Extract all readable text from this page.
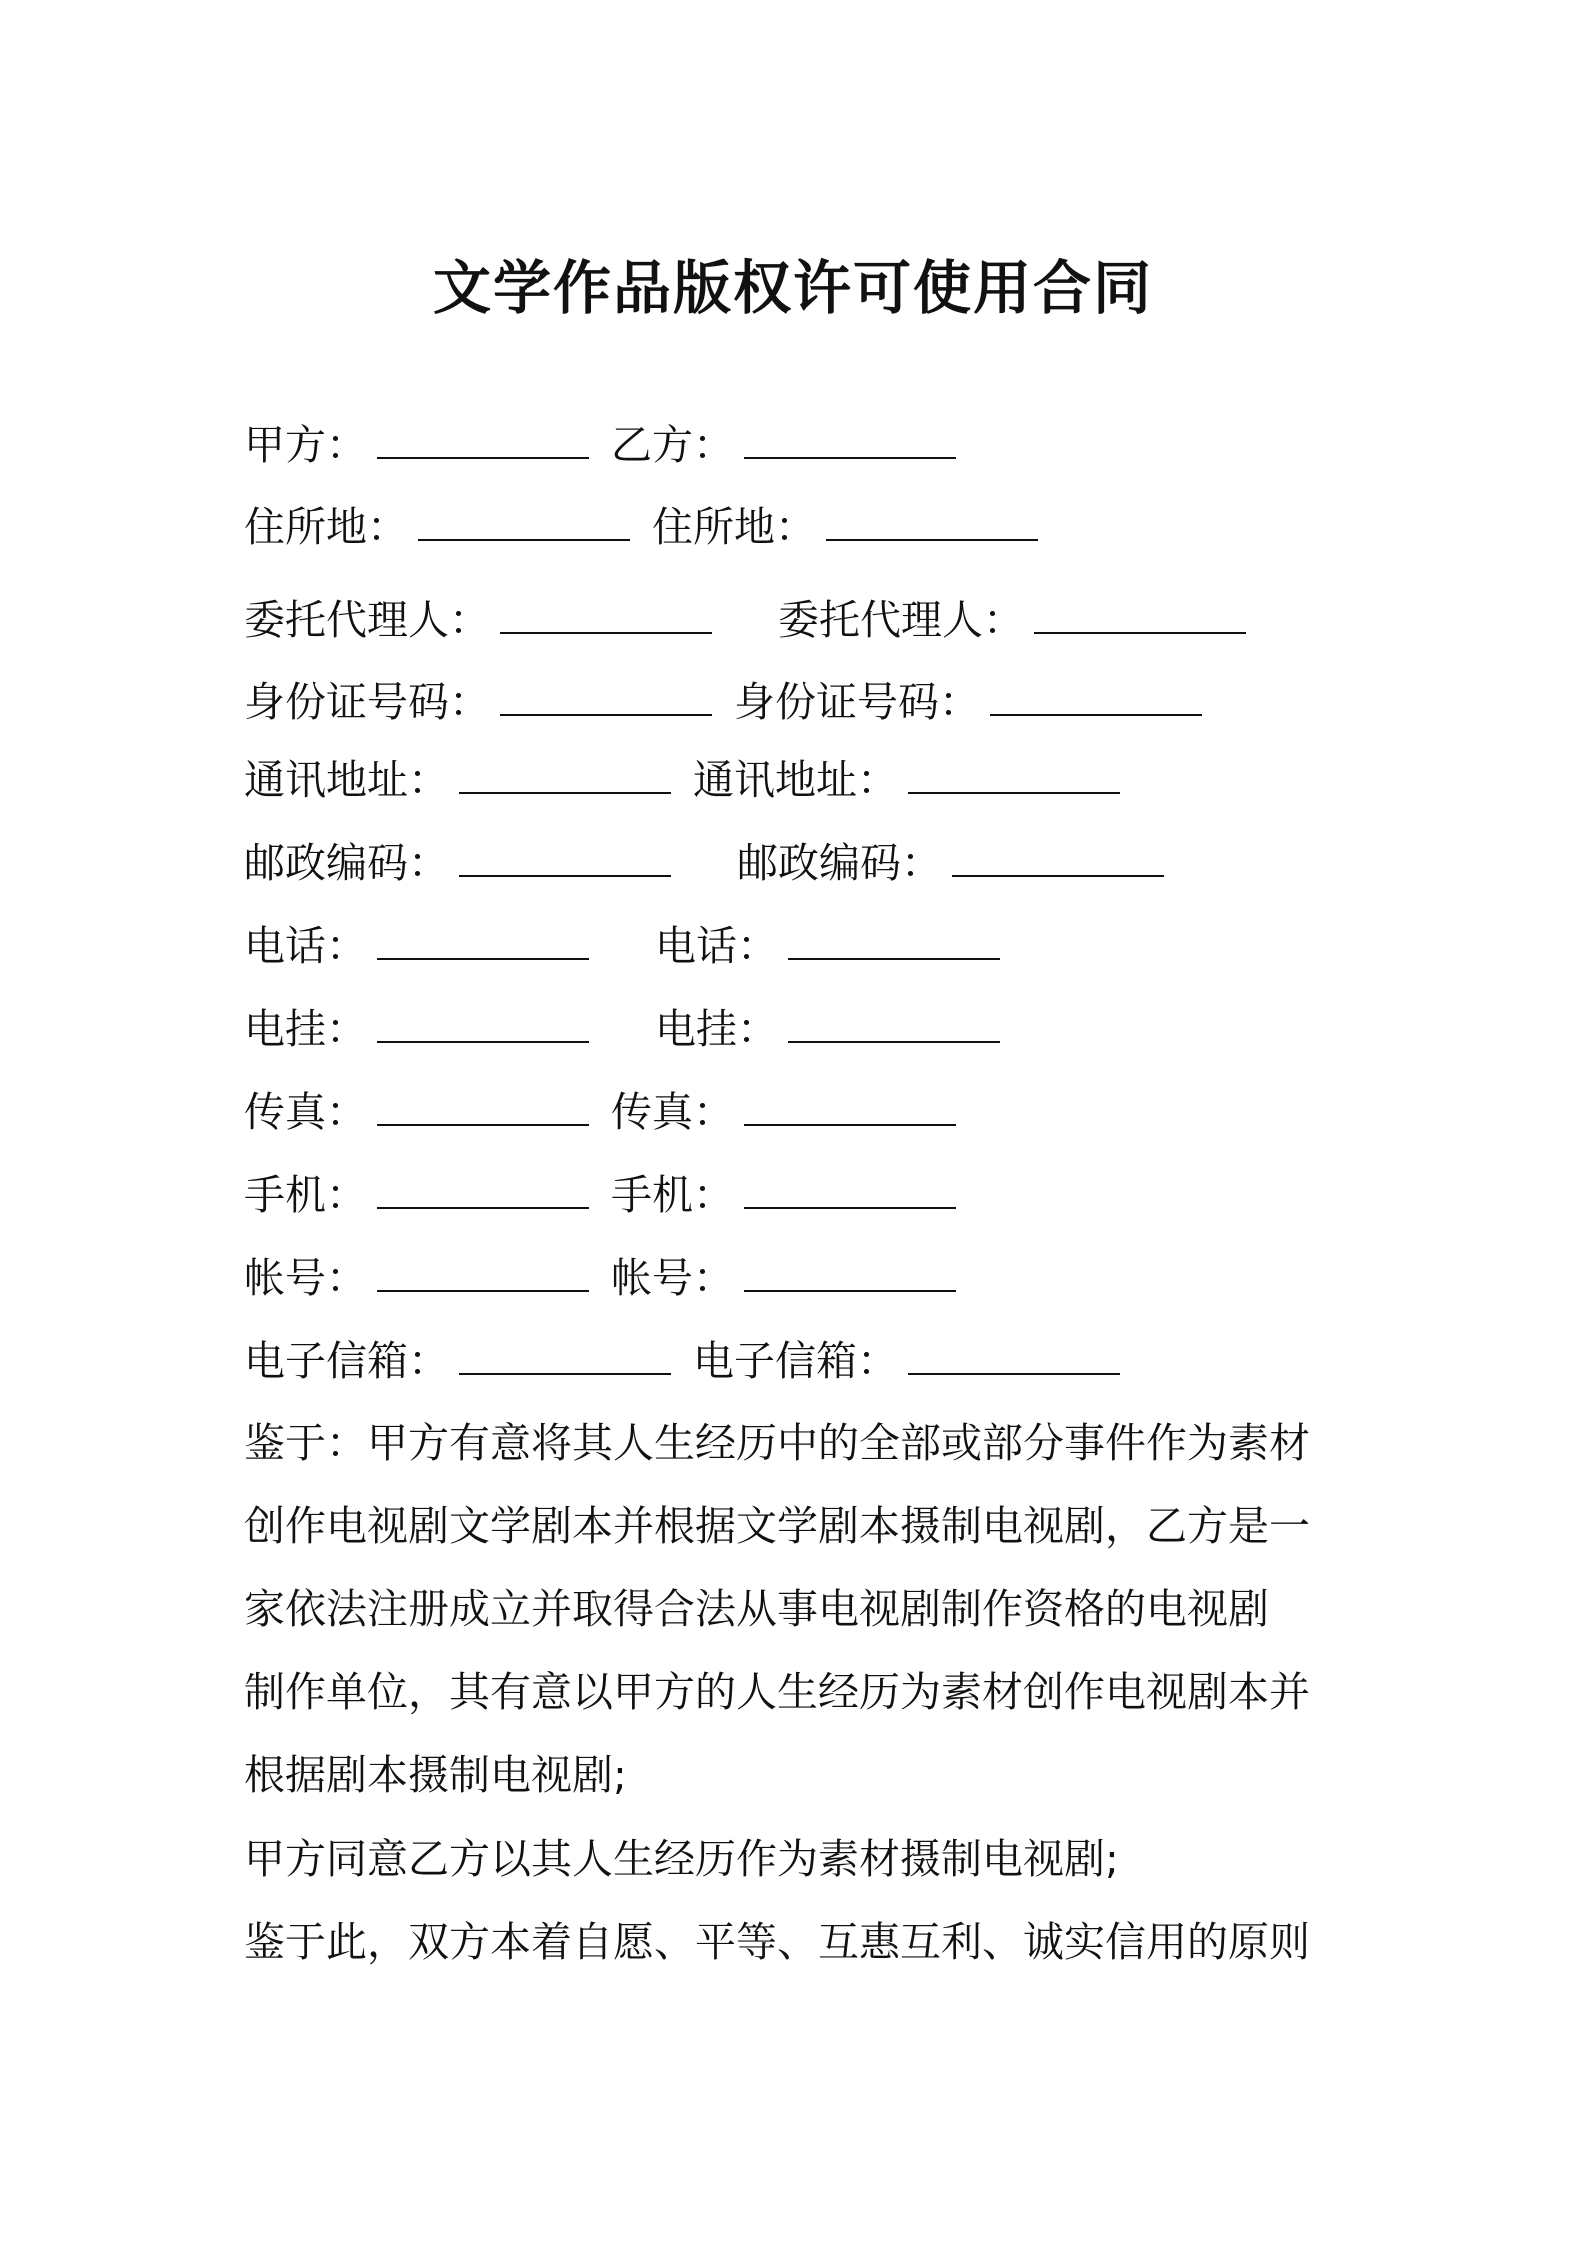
文学作品版权许可使用合同
甲方：	乙方：
住所地：	住所地：
委托代理人：	委托代理人：
身份证号码：	身份证号码：
通讯地址：	通讯地址：
邮政编码：	邮政编码：
电话：	电话：
电挂：	电挂：
传真：	传真：
手机：	手机：
帐号：	帐号：
电子信箱：	电子信箱：
鉴于：甲方有意将其人生经历中的全部或部分事件作为素材
创作电视剧文学剧本并根据文学剧本摄制电视剧，乙方是一
家依法注册成立并取得合法从事电视剧制作资格的电视剧
制作单位，其有意以甲方的人生经历为素材创作电视剧本并
根据剧本摄制电视剧;
甲方同意乙方以其人生经历作为素材摄制电视剧;
鉴于此，双方本着自愿、平等、互惠互利、诚实信用的原则
